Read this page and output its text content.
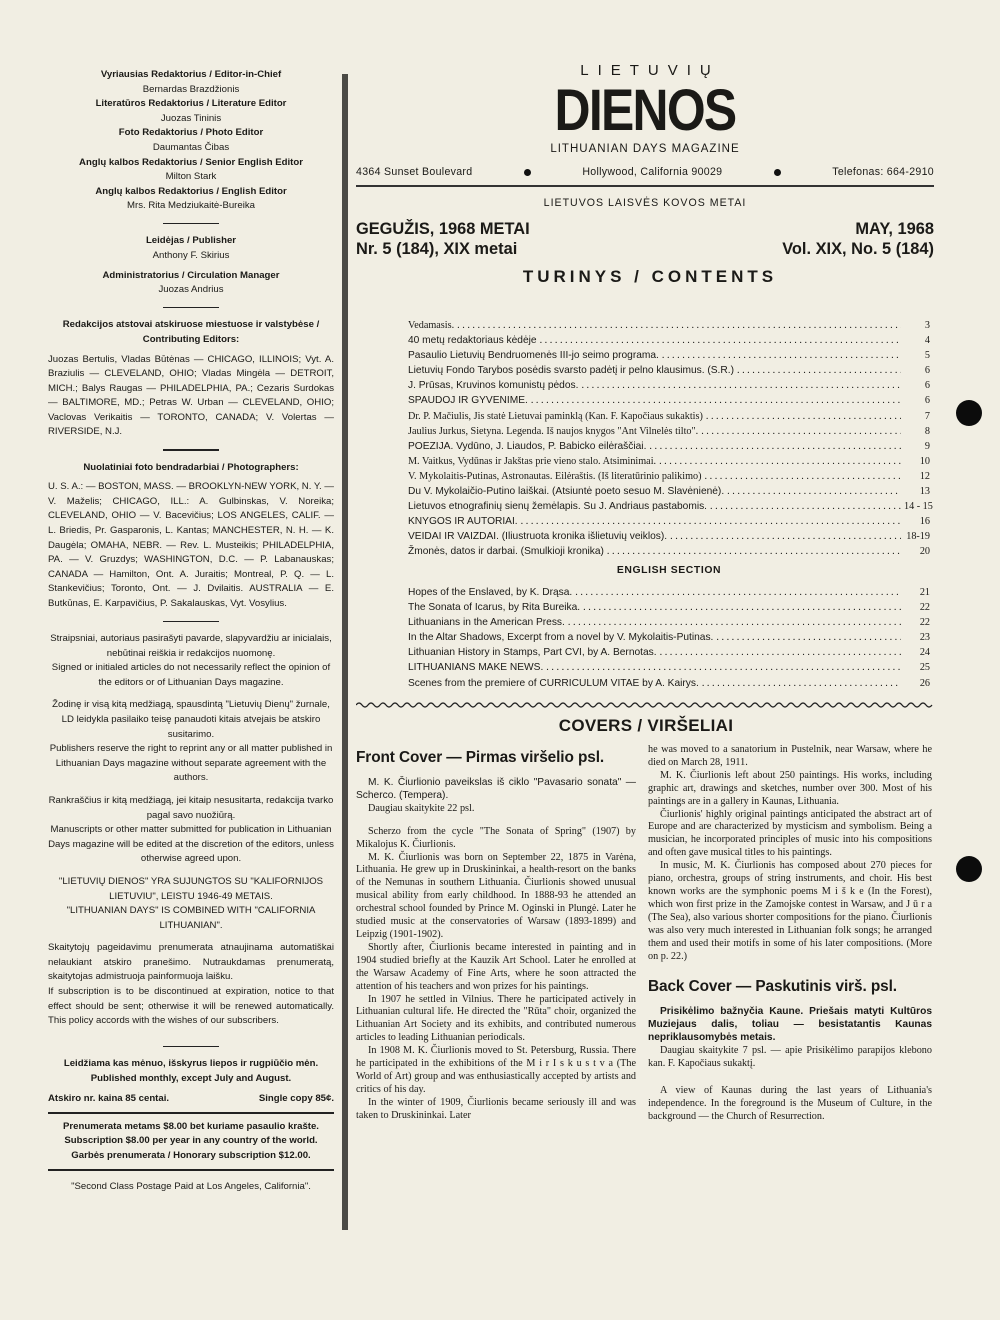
Vyriausias Redaktorius / Editor-in-Chief

Bernardas Brazdžionis

Literatūros Redaktorius / Literature Editor

Juozas Tininis

Foto Redaktorius / Photo Editor

Daumantas Čibas

Anglų kalbos Redaktorius / Senior English Editor

Milton Stark

Anglų kalbos Redaktorius / English Editor

Mrs. Rita Medziukaitė-Bureika

Leidėjas / Publisher

Anthony F. Skirius

Administratorius / Circulation Manager

Juozas Andrius

Redakcijos atstovai atskiruose miestuose ir valstybėse / Contributing Editors:

Juozas Bertulis, Vladas Būtėnas — CHICAGO, ILLINOIS; Vyt. A. Braziulis — CLEVELAND, OHIO; Vladas Mingėla — DETROIT, MICH.; Balys Raugas — PHILADELPHIA, PA.; Cezaris Surdokas — BALTIMORE, MD.; Petras W. Urban — CLEVELAND, OHIO; Vaclovas Verikaitis — TORONTO, CANADA; V. Volertas — RIVERSIDE, N.J.

Nuolatiniai foto bendradarbiai / Photographers:

U. S. A.: — BOSTON, MASS. — BROOKLYN-NEW YORK, N. Y. — V. Maželis; CHICAGO, ILL.: A. Gulbinskas, V. Noreika; CLEVELAND, OHIO — V. Bacevičius; LOS ANGELES, CALIF. — L. Briedis, Pr. Gasparonis, L. Kantas; MANCHESTER, N. H. — K. Daugėla; OMAHA, NEBR. — Rev. L. Musteikis; PHILADELPHIA, PA. — V. Gruzdys; WASHINGTON, D.C. — P. Labanauskas; CANADA — Hamilton, Ont. A. Juraitis; Montreal, P. Q. — L. Stankevičius; Toronto, Ont. — J. Dvilaitis. AUSTRALIA — E. Butkūnas, E. Karpavičius, P. Sakalauskas, Vyt. Vosylius.

Straipsniai, autoriaus pasirašyti pavarde, slapyvardžiu ar inicialais, nebūtinai reiškia ir redakcijos nuomonę.

Signed or initialed articles do not necessarily reflect the opinion of the editors or of Lithuanian Days magazine.

Žodinę ir visą kitą medžiagą, spausdintą "Lietuvių Dienų" žurnale, LD leidykla pasilaiko teisę panaudoti kitais atvejais be atskiro susitarimo.

Publishers reserve the right to reprint any or all matter published in Lithuanian Days magazine without separate agreement with the authors.

Rankraščius ir kitą medžiagą, jei kitaip nesusitarta, redakcija tvarko pagal savo nuožiūrą.

Manuscripts or other matter submitted for publication in Lithuanian Days magazine will be edited at the discretion of the editors, unless otherwise agreed upon.

"LIETUVIŲ DIENOS" YRA SUJUNGTOS SU "KALIFORNIJOS LIETUVIU", LEISTU 1946-49 METAIS.

"LITHUANIAN DAYS" IS COMBINED WITH "CALIFORNIA LITHUANIAN".

Skaitytojų pageidavimu prenumerata atnaujinama automatiškai nelaukiant atskiro pranešimo. Nutraukdamas prenumeratą, skaitytojas admistruoja painformuoja laišku.

If subscription is to be discontinued at expiration, notice to that effect should be sent; otherwise it will be renewed automatically. This policy accords with the wishes of our subscribers.

Leidžiama kas mėnuo, išskyrus liepos ir rugpiūčio mėn.

Published monthly, except July and August.

Atskiro nr. kaina 85 centai.	Single copy 85¢.

Prenumerata metams $8.00 bet kuriame pasaulio krašte.

Subscription $8.00 per year in any country of the world.

Garbės prenumerata / Honorary subscription $12.00.

"Second Class Postage Paid at Los Angeles, California".

LIETUVIŲ
DIENOS
LITHUANIAN DAYS MAGAZINE
4364 Sunset Boulevard	Hollywood, California 90029	Telefonas: 664-2910
LIETUVOS LAISVĖS KOVOS METAI
GEGUŽIS, 1968 METAI
Nr. 5 (184), XIX metai
MAY, 1968
Vol. XIX, No. 5 (184)
TURINYS / CONTENTS
Vedamasis. . . .	3
40 metų redaktoriaus kėdėje . . .	4
Pasaulio Lietuvių Bendruomenės III-jo seimo programa. . . .	5
Lietuvių Fondo Tarybos posėdis svarsto padėtį ir pelno klausimus. (S.R.) . . .	6
J. Prūsas, Kruvinos komunistų pėdos. . . .	6
SPAUDOJ IR GYVENIME. . . .	6
Dr. P. Mačiulis, Jis statė Lietuvai paminklą (Kan. F. Kapočiaus sukaktis) . . .	7
Jaulius Jurkus, Sietyna. Legenda. Iš naujos knygos "Ant Vilnelės tilto". . . .	8
POEZIJA. Vydūno, J. Liaudos, P. Babicko eilėraščiai. . . .	9
M. Vaitkus, Vydūnas ir Jakštas prie vieno stalo. Atsiminimai. . . .	10
V. Mykolaitis-Putinas, Astronautas. Eilėraštis. (Iš literatūrinio palikimo) . . .	12
Du V. Mykolaičio-Putino laiškai. (Atsiuntė poeto sesuo M. Slavėnienė). . . .	13
Lietuvos etnografinių sienų žemėlapis. Su J. Andriaus pastabomis. . . .	14 - 15
KNYGOS IR AUTORIAI. . . .	16
VEIDAI IR VAIZDAI. (Iliustruota kronika išlietuvių veiklos). . . .	18-19
Žmonės, datos ir darbai. (Smulkioji kronika) . . .	20
ENGLISH SECTION
Hopes of the Enslaved, by K. Drąsa. . . .	21
The Sonata of Icarus, by Rita Bureika. . . .	22
Lithuanians in the American Press. . . .	22
In the Altar Shadows, Excerpt from a novel by V. Mykolaitis-Putinas. . . .	23
Lithuanian History in Stamps, Part CVI, by A. Bernotas. . . .	24
LITHUANIANS MAKE NEWS. . . .	25
Scenes from the premiere of CURRICULUM VITAE by A. Kairys. . . .	26
COVERS / VIRŠELIAI
Front Cover — Pirmas viršelio psl.

M. K. Čiurlionio paveikslas iš ciklo "Pavasario sonata" — Scherco. (Tempera).

Daugiau skaitykite 22 psl.

Scherzo from the cycle "The Sonata of Spring" (1907) by Mikalojus K. Čiurlionis.

M. K. Čiurlionis was born on September 22, 1875 in Varėna, Lithuania. He grew up in Druskininkai, a health-resort on the banks of the Nemunas in southern Lithuania. Čiurlionis showed unusual musical ability from early childhood. In 1888-93 he attended an orchestral school founded by Prince M. Oginski in Plungė. Later he studied music at the conservatories of Warsaw (1893-1899) and Leipzig (1901-1902).

Shortly after, Čiurlionis became interested in painting and in 1904 studied briefly at the Kauzik Art School. Later he enrolled at the Warsaw Academy of Fine Arts, where he soon attracted the attention of his teachers and won prizes for his paintings.

In 1907 he settled in Vilnius. There he participated actively in Lithuanian cultural life. He directed the "Rūta" choir, organized the Lithuanian Art Society and its exhibits, and contributed numerous articles to leading Lithuanian periodicals.

In 1908 M. K. Čiurlionis moved to St. Petersburg, Russia. There he participated in the exhibitions of the M i r I s k u s t v a (The World of Art) group and was enthusiastically accepted by artists and critics of his day.

In the winter of 1909, Čiurlionis became seriously ill and was taken to Druskininkai. Later

he was moved to a sanatorium in Pustelnik, near Warsaw, where he died on March 28, 1911.

M. K. Čiurlionis left about 250 paintings. His works, including graphic art, drawings and sketches, number over 300. Most of his paintings are in a gallery in Kaunas, Lithuania.

Čiurlionis' highly original paintings anticipated the abstract art of Europe and are characterized by mysticism and symbolism. Being a musician, he incorporated principles of music into his compositions and often gave musical titles to his paintings.

In music, M. K. Čiurlionis has composed about 270 pieces for piano, orchestra, groups of string instruments, and choir. His best known works are the symphonic poems M i š k e (In the Forest), which won first prize in the Zamojske contest in Warsaw, and J ū r a (The Sea), also various shorter compositions for the piano. Čiurlionis was also very much interested in Lithuanian folk songs; he arranged them and used their motifs in some of his later compositions. (More on p. 22.)

Back Cover — Paskutinis virš. psl.

Prisikėlimo bažnyčia Kaune. Priešais matyti Kultūros Muziejaus dalis, toliau — besistatantis Kaunas nepriklausomybės metais.

Daugiau skaitykite 7 psl. — apie Prisikėlimo parapijos klebono kan. F. Kapočiaus sukaktį.

A view of Kaunas during the last years of Lithuania's independence. In the foreground is the Museum of Culture, in the background — the Church of Resurrection.
